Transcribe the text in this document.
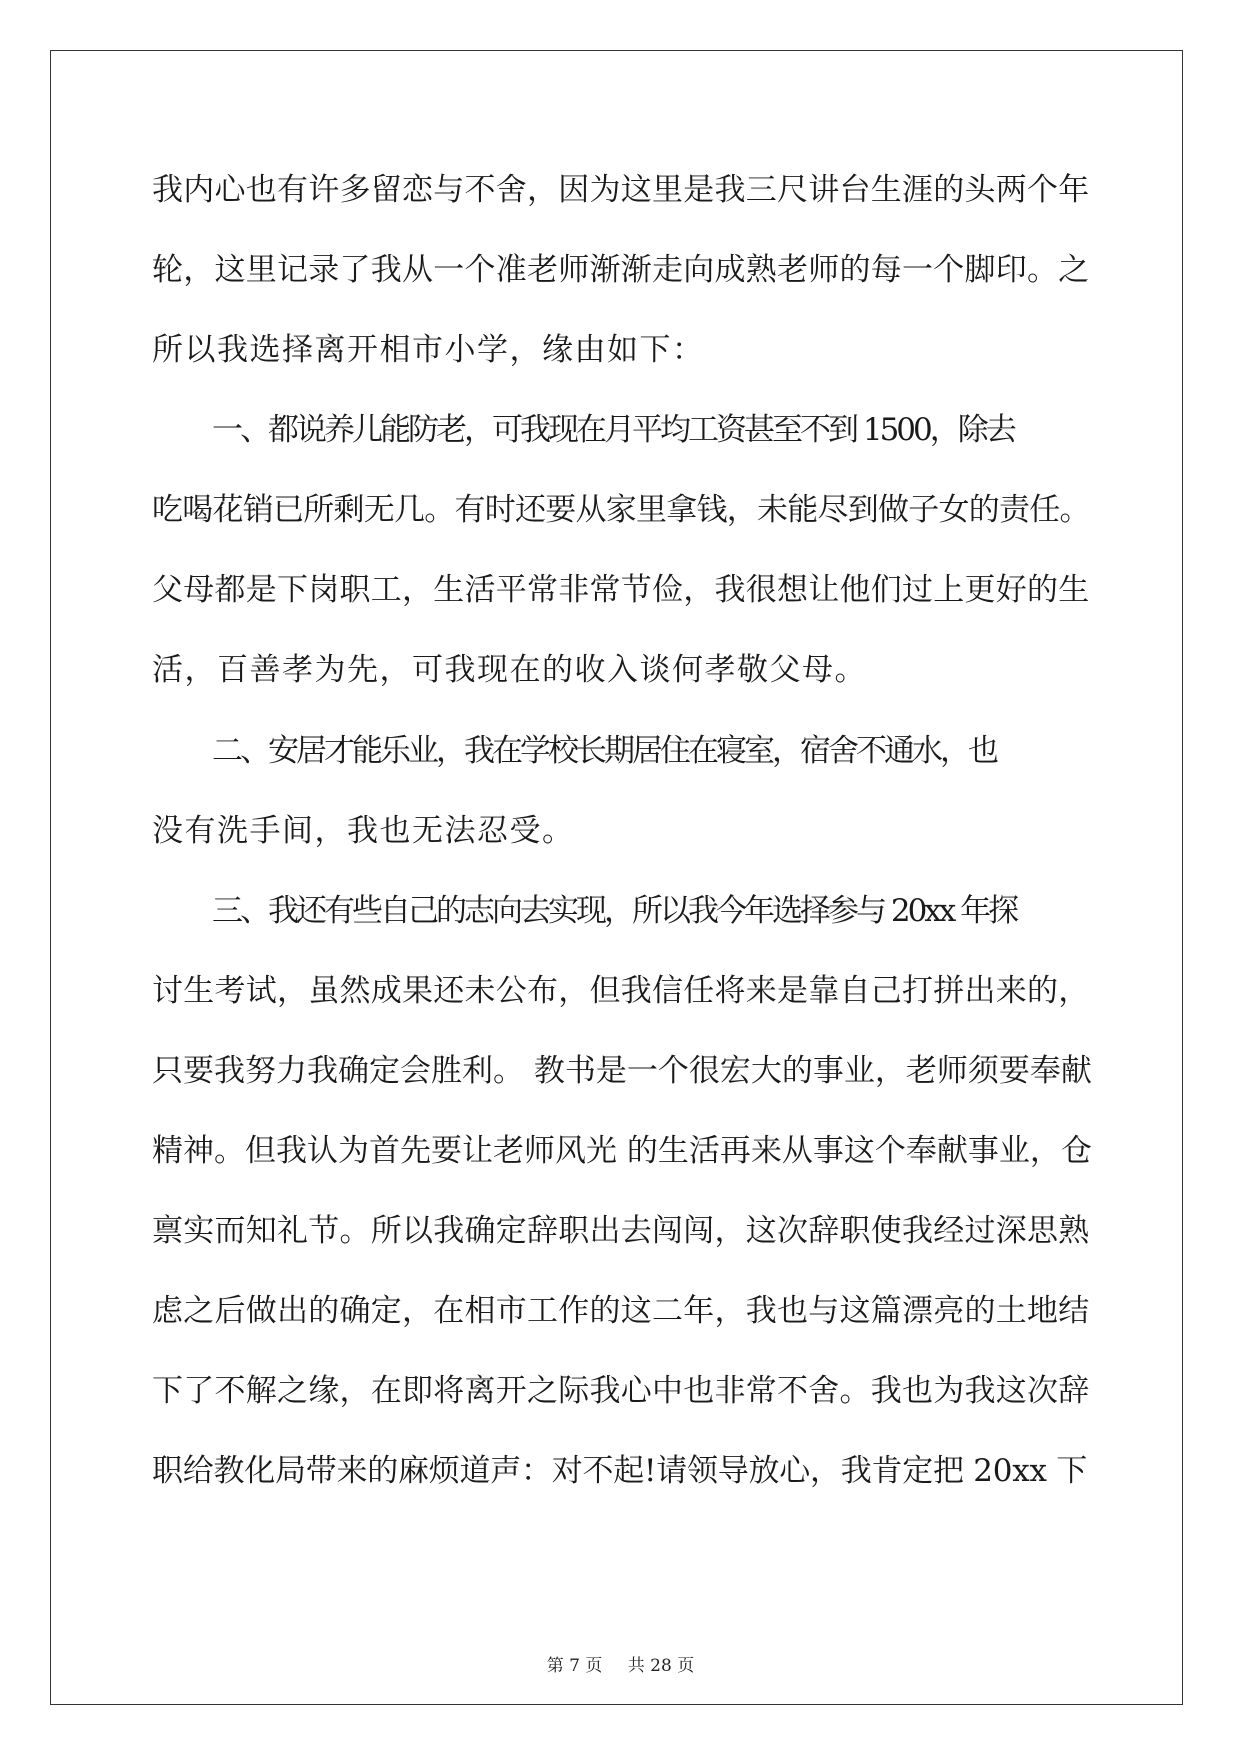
我内心也有许多留恋与不舍，因为这里是我三尺讲台生涯的头两个年
轮，这里记录了我从一个准老师渐渐走向成熟老师的每一个脚印。之
所以我选择离开相市小学，缘由如下：
一、都说养儿能防老，可我现在月平均工资甚至不到 1500，除去
吃喝花销已所剩无几。有时还要从家里拿钱，未能尽到做子女的责任。
父母都是下岗职工，生活平常非常节俭，我很想让他们过上更好的生
活，百善孝为先，可我现在的收入谈何孝敬父母。
二、安居才能乐业，我在学校长期居住在寝室，宿舍不通水，也
没有洗手间，我也无法忍受。
三、我还有些自己的志向去实现，所以我今年选择参与 20xx 年探
讨生考试，虽然成果还未公布，但我信任将来是靠自己打拼出来的，
只要我努力我确定会胜利。 教书是一个很宏大的事业，老师须要奉献
精神。但我认为首先要让老师风光 的生活再来从事这个奉献事业，仓
禀实而知礼节。所以我确定辞职出去闯闯，这次辞职使我经过深思熟
虑之后做出的确定，在相市工作的这二年，我也与这篇漂亮的土地结
下了不解之缘，在即将离开之际我心中也非常不舍。我也为我这次辞
职给教化局带来的麻烦道声：对不起!请领导放心，我肯定把 20xx 下
第 7 页 共 28 页
